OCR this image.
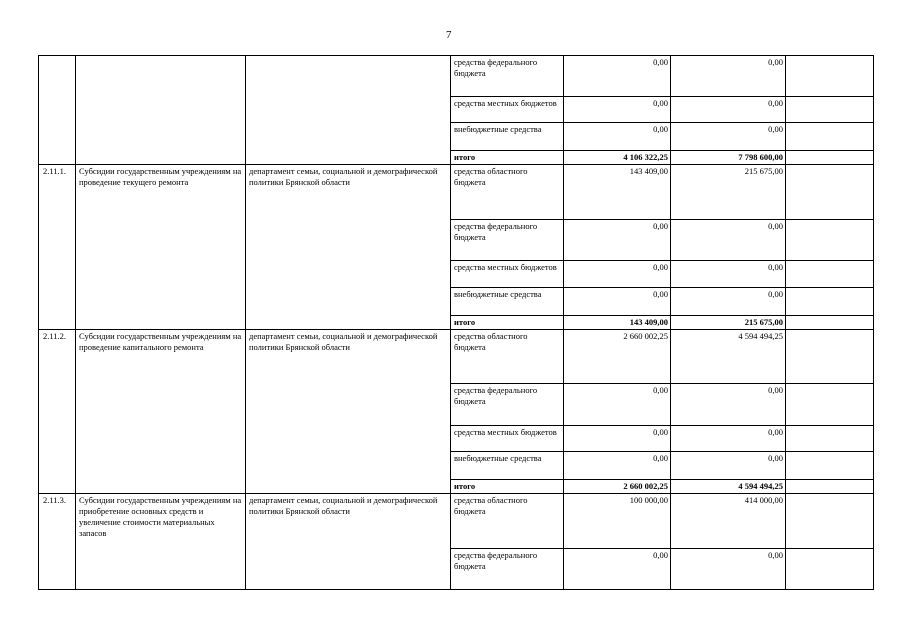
7
			средства федерального бюджета	0,00	0,00	
			средства местных бюджетов	0,00	0,00	
			внебюджетные средства	0,00	0,00	
			итого	4 106 322,25	7 798 600,00	
2.11.1.	Субсидии государственным учреждениям на проведение текущего ремонта	департамент семьи, социальной и демографической политики Брянской области	средства областного бюджета	143 409,00	215 675,00	
			средства федерального бюджета	0,00	0,00	
			средства местных бюджетов	0,00	0,00	
			внебюджетные средства	0,00	0,00	
			итого	143 409,00	215 675,00	
2.11.2.	Субсидии государственным учреждениям на проведение капитального ремонта	департамент семьи, социальной и демографической политики Брянской области	средства областного бюджета	2 660 002,25	4 594 494,25	
			средства федерального бюджета	0,00	0,00	
			средства местных бюджетов	0,00	0,00	
			внебюджетные средства	0,00	0,00	
			итого	2 660 002,25	4 594 494,25	
2.11.3.	Субсидии государственным учреждениям на приобретение основных средств и увеличение стоимости материальных запасов	департамент семьи, социальной и демографической политики Брянской области	средства областного бюджета	100 000,00	414 000,00	
			средства федерального бюджета	0,00	0,00	
